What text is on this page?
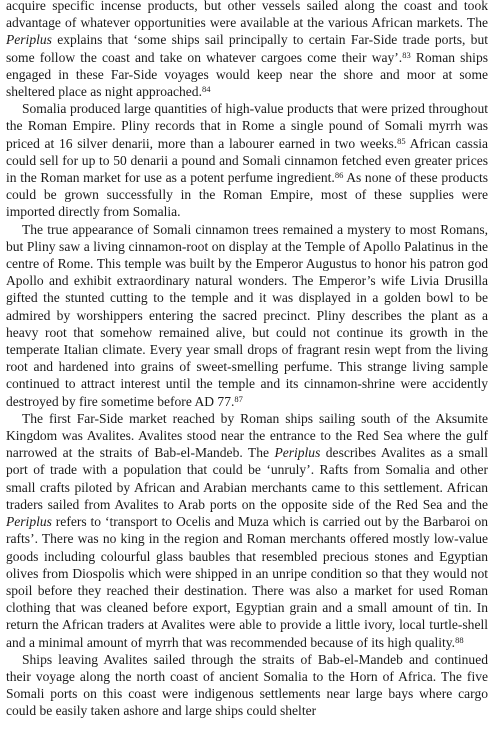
acquire specific incense products, but other vessels sailed along the coast and took advantage of whatever opportunities were available at the various African markets. The Periplus explains that ‘some ships sail principally to certain Far-Side trade ports, but some follow the coast and take on whatever cargoes come their way’.$^{83}$ Roman ships engaged in these Far-Side voyages would keep near the shore and moor at some sheltered place as night approached.$^{84}$

Somalia produced large quantities of high-value products that were prized throughout the Roman Empire. Pliny records that in Rome a single pound of Somali myrrh was priced at 16 silver denarii, more than a labourer earned in two weeks.$^{85}$ African cassia could sell for up to 50 denarii a pound and Somali cinnamon fetched even greater prices in the Roman market for use as a potent perfume ingredient.$^{86}$ As none of these products could be grown successfully in the Roman Empire, most of these supplies were imported directly from Somalia.

The true appearance of Somali cinnamon trees remained a mystery to most Romans, but Pliny saw a living cinnamon-root on display at the Temple of Apollo Palatinus in the centre of Rome. This temple was built by the Emperor Augustus to honor his patron god Apollo and exhibit extraordinary natural wonders. The Emperor’s wife Livia Drusilla gifted the stunted cutting to the temple and it was displayed in a golden bowl to be admired by worshippers entering the sacred precinct. Pliny describes the plant as a heavy root that somehow remained alive, but could not continue its growth in the temperate Italian climate. Every year small drops of fragrant resin wept from the living root and hardened into grains of sweet-smelling perfume. This strange living sample continued to attract interest until the temple and its cinnamon-shrine were accidently destroyed by fire sometime before AD 77.87

The first Far-Side market reached by Roman ships sailing south of the Aksumite Kingdom was Avalites. Avalites stood near the entrance to the Red Sea where the gulf narrowed at the straits of Bab-el-Mandeb. The Periplus describes Avalites as a small port of trade with a population that could be ‘unruly’. Rafts from Somalia and other small crafts piloted by African and Arabian merchants came to this settlement. African traders sailed from Avalites to Arab ports on the opposite side of the Red Sea and the Periplus refers to ‘transport to Ocelis and Muza which is carried out by the Barbaroi on rafts’. There was no king in the region and Roman merchants offered mostly low-value goods including colourful glass baubles that resembled precious stones and Egyptian olives from Diospolis which were shipped in an unripe condition so that they would not spoil before they reached their destination. There was also a market for used Roman clothing that was cleaned before export, Egyptian grain and a small amount of tin. In return the African traders at Avalites were able to provide a little ivory, local turtle-shell and a minimal amount of myrrh that was recommended because of its high quality.$^{88}$

Ships leaving Avalites sailed through the straits of Bab-el-Mandeb and continued their voyage along the north coast of ancient Somalia to the Horn of Africa. The five Somali ports on this coast were indigenous settlements near large bays where cargo could be easily taken ashore and large ships could shelter
